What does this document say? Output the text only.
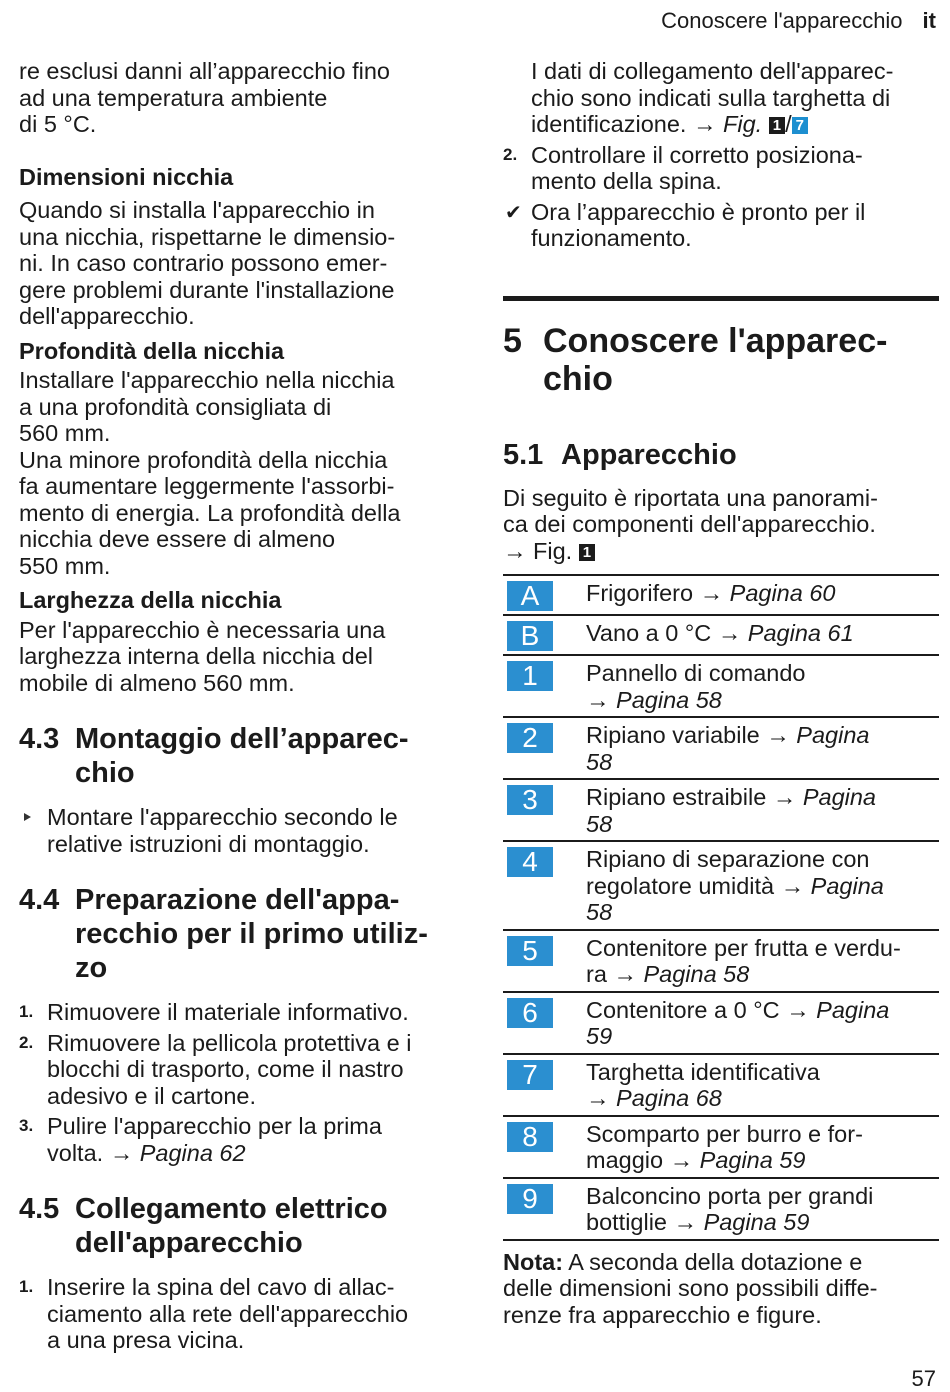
Conoscere l'apparecchio it

re esclusi danni all’apparecchio fino
ad una temperatura ambiente
di 5 °C.

Dimensioni nicchia

Quando si installa l'apparecchio in
una nicchia, rispettarne le dimensio-
ni. In caso contrario possono emer-
gere problemi durante l'installazione
dell'apparecchio.

Profondità della nicchia

Installare l'apparecchio nella nicchia
a una profondità consigliata di
560 mm.
Una minore profondità della nicchia
fa aumentare leggermente l'assorbi-
mento di energia. La profondità della
nicchia deve essere di almeno
550 mm.

Larghezza della nicchia

Per l'apparecchio è necessaria una
larghezza interna della nicchia del
mobile di almeno 560 mm.

4.3 Montaggio dell’apparec-
chio
Montare l'apparecchio secondo le
relative istruzioni di montaggio.
4.4 Preparazione dell'appa-
recchio per il primo utiliz-
zo
1. Rimuovere il materiale informativo.
2. Rimuovere la pellicola protettiva e i
blocchi di trasporto, come il nastro
adesivo e il cartone.
3. Pulire l'apparecchio per la prima
volta. → Pagina 62
4.5 Collegamento elettrico
dell'apparecchio
1. Inserire la spina del cavo di allac-
ciamento alla rete dell'apparecchio
a una presa vicina.
I dati di collegamento dell'apparec-
chio sono indicati sulla targhetta di
identificazione. → Fig. 1 / 7
2. Controllare il corretto posiziona-
mento della spina.
✔ Ora l’apparecchio è pronto per il
funzionamento.
5 Conoscere l'apparec-
chio
5.1 Apparecchio

Di seguito è riportata una panorami-
ca dei componenti dell'apparecchio.
→ Fig. 1

A	Frigorifero → Pagina 60
B	Vano a 0 °C → Pagina 61
1	Pannello di comando
→ Pagina 58
2	Ripiano variabile → Pagina
58
3	Ripiano estraibile → Pagina
58
4	Ripiano di separazione con
regolatore umidità → Pagina
58
5	Contenitore per frutta e verdu-
ra → Pagina 58
6	Contenitore a 0 °C → Pagina
59
7	Targhetta identificativa
→ Pagina 68
8	Scomparto per burro e for-
maggio → Pagina 59
9	Balconcino porta per grandi
bottiglie → Pagina 59

Nota: A seconda della dotazione e
delle dimensioni sono possibili diffe-
renze fra apparecchio e figure.

57
